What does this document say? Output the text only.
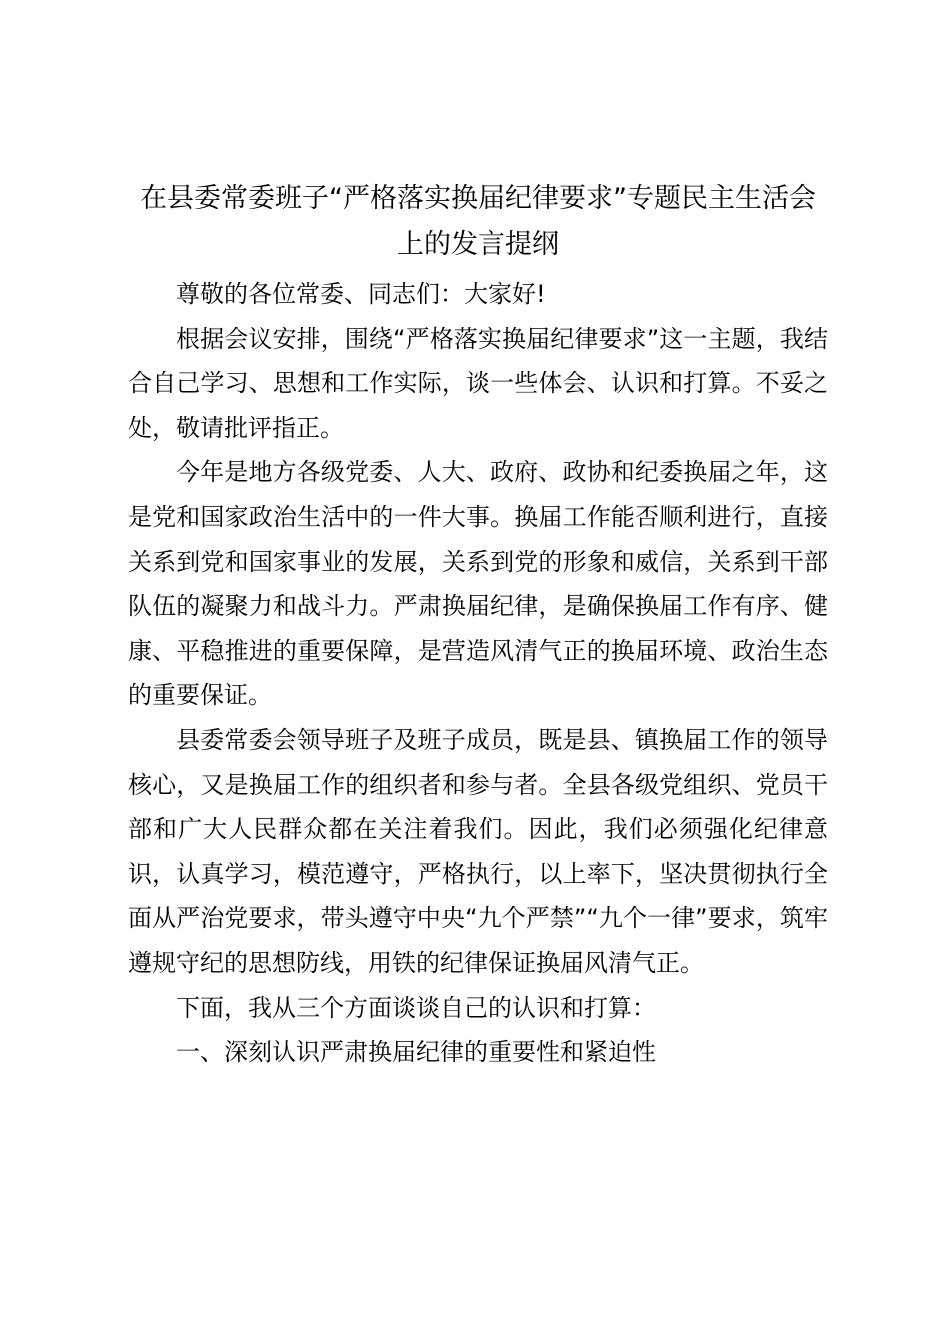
在县委常委班子“严格落实换届纪律要求”专题民主生活会上的发言提纲

尊敬的各位常委、同志们：大家好!

根据会议安排，围绕“严格落实换届纪律要求”这一主题，我结合自己学习、思想和工作实际，谈一些体会、认识和打算。不妥之处，敬请批评指正。

今年是地方各级党委、人大、政府、政协和纪委换届之年，这是党和国家政治生活中的一件大事。换届工作能否顺利进行，直接关系到党和国家事业的发展，关系到党的形象和威信，关系到干部队伍的凝聚力和战斗力。严肃换届纪律，是确保换届工作有序、健康、平稳推进的重要保障，是营造风清气正的换届环境、政治生态的重要保证。

县委常委会领导班子及班子成员，既是县、镇换届工作的领导核心，又是换届工作的组织者和参与者。全县各级党组织、党员干部和广大人民群众都在关注着我们。因此，我们必须强化纪律意识，认真学习，模范遵守，严格执行，以上率下，坚决贯彻执行全面从严治党要求，带头遵守中央“九个严禁”“九个一律”要求，筑牢遵规守纪的思想防线，用铁的纪律保证换届风清气正。

下面，我从三个方面谈谈自己的认识和打算：

一、深刻认识严肃换届纪律的重要性和紧迫性
